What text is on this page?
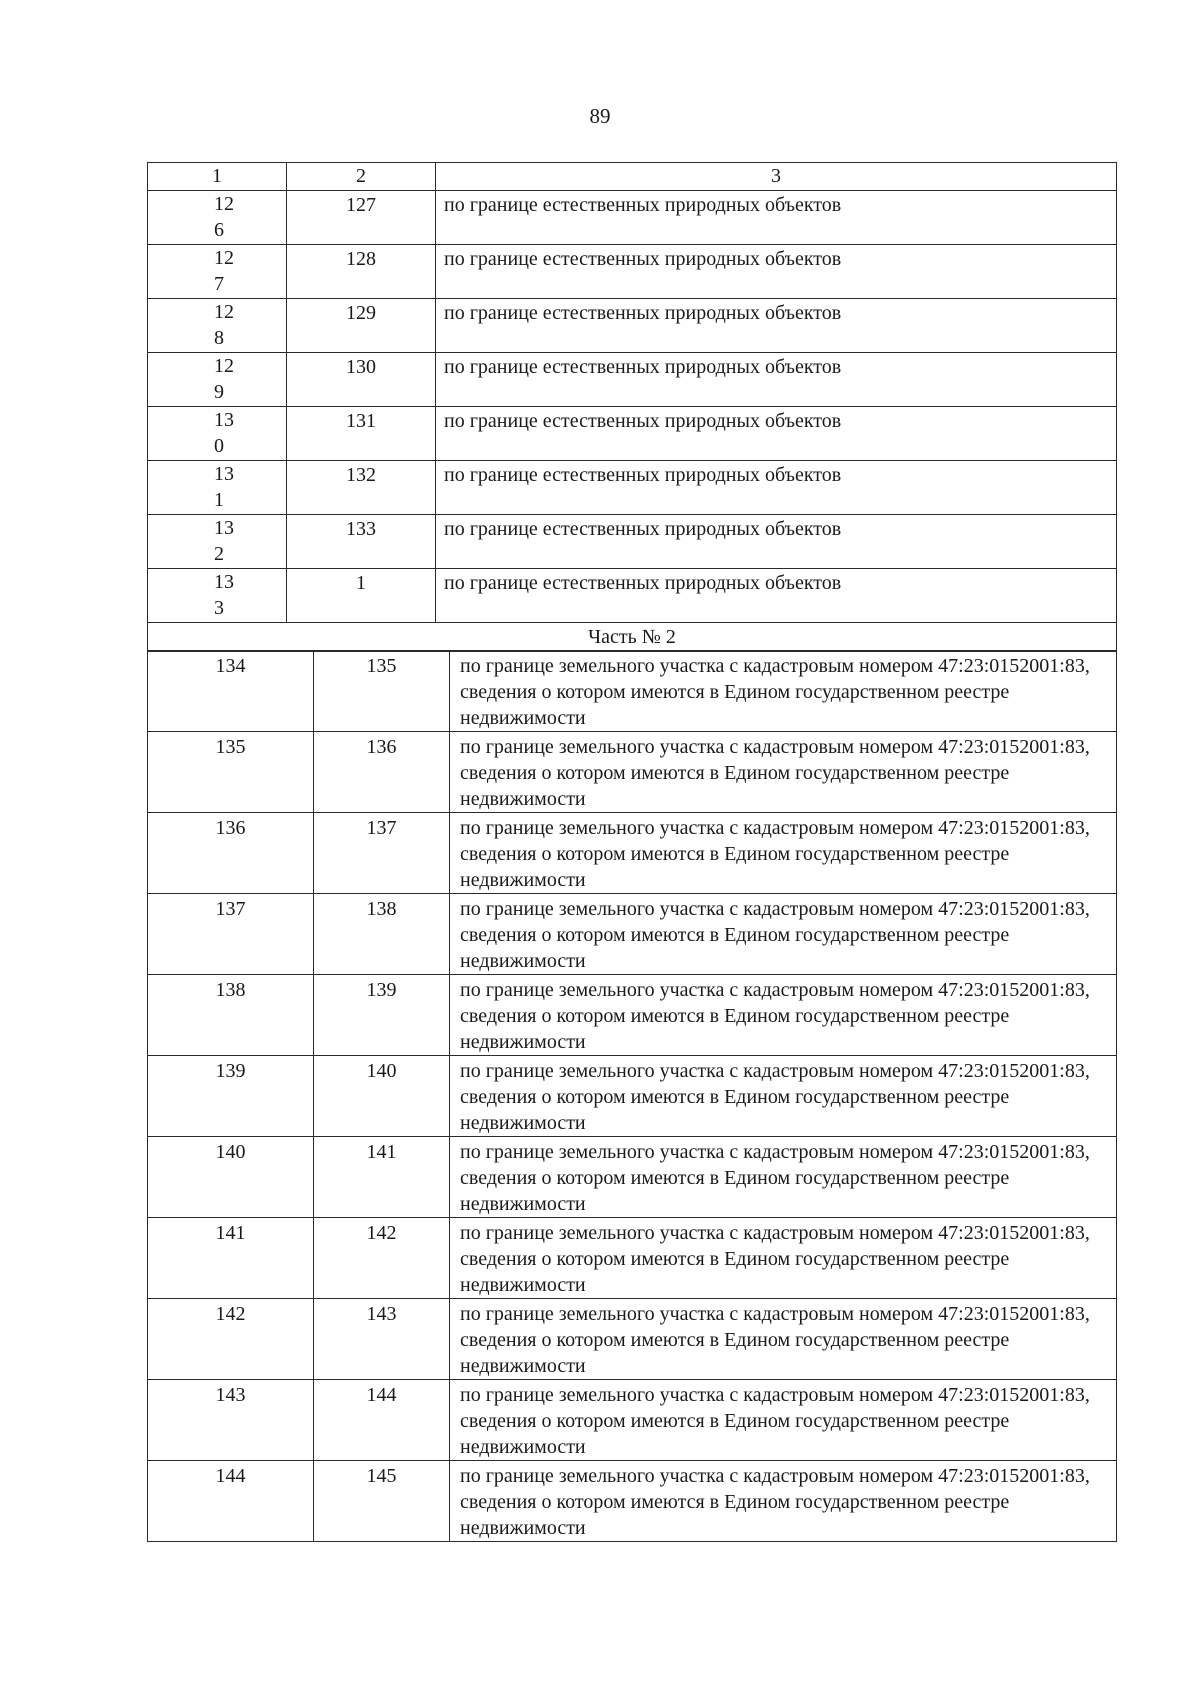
89
1	2	3

126	127	по границе естественных природных объектов

127	128	по границе естественных природных объектов

128	129	по границе естественных природных объектов

129	130	по границе естественных природных объектов

130	131	по границе естественных природных объектов

131	132	по границе естественных природных объектов

132	133	по границе естественных природных объектов

133	1	по границе естественных природных объектов
Часть № 2		
134	135	по границе земельного участка с кадастровым номером 47:23:0152001:83, сведения о котором имеются в Едином государственном реестре недвижимости
135	136	по границе земельного участка с кадастровым номером 47:23:0152001:83, сведения о котором имеются в Едином государственном реестре недвижимости
136	137	по границе земельного участка с кадастровым номером 47:23:0152001:83, сведения о котором имеются в Едином государственном реестре недвижимости
137	138	по границе земельного участка с кадастровым номером 47:23:0152001:83, сведения о котором имеются в Едином государственном реестре недвижимости
138	139	по границе земельного участка с кадастровым номером 47:23:0152001:83, сведения о котором имеются в Едином государственном реестре недвижимости
139	140	по границе земельного участка с кадастровым номером 47:23:0152001:83, сведения о котором имеются в Едином государственном реестре недвижимости
140	141	по границе земельного участка с кадастровым номером 47:23:0152001:83, сведения о котором имеются в Едином государственном реестре недвижимости
141	142	по границе земельного участка с кадастровым номером 47:23:0152001:83, сведения о котором имеются в Едином государственном реестре недвижимости
142	143	по границе земельного участка с кадастровым номером 47:23:0152001:83, сведения о котором имеются в Едином государственном реестре недвижимости
143	144	по границе земельного участка с кадастровым номером 47:23:0152001:83, сведения о котором имеются в Едином государственном реестре недвижимости
144	145	по границе земельного участка с кадастровым номером 47:23:0152001:83, сведения о котором имеются в Едином государственном реестре недвижимости
